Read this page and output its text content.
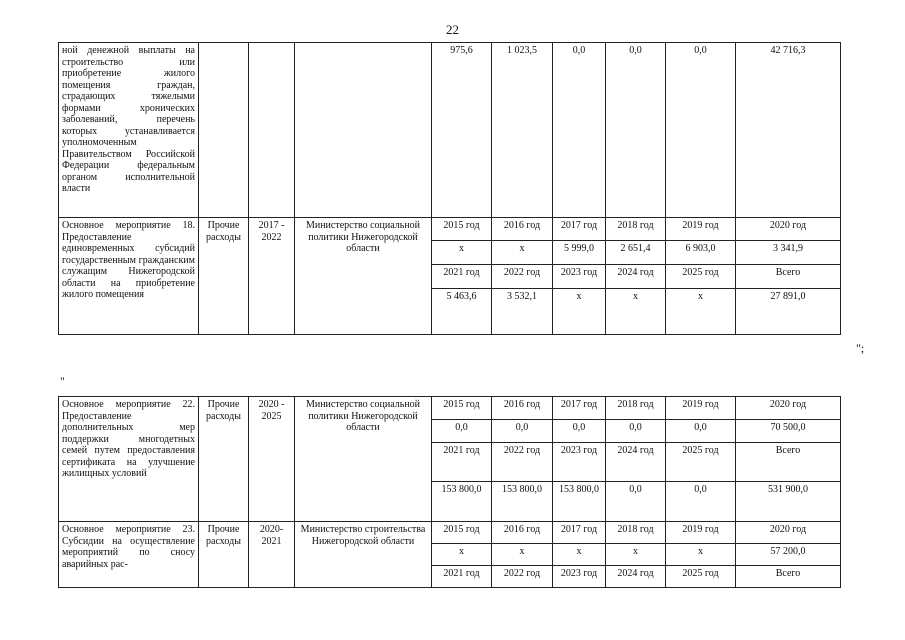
22
ной денежной выплаты на строительство или приобретение жилого помещения граждан, страдающих тяжелыми формами хронических заболеваний, перечень которых устанавливается уполномоченным Правительством Российской Федерации федеральным органом исполнительной власти				975,6	1 023,5	0,0	0,0	0,0	42 716,3
Основное мероприятие 18. Предоставление единовременных субсидий государственным гражданским служащим Нижегородской области на приобретение жилого помещения	Прочие расходы	2017 - 2022	Министерство социальной политики Нижегородской области	2015 год	2016 год	2017 год	2018 год	2019 год	2020 год
				х	х	5 999,0	2 651,4	6 903,0	3 341,9
				2021 год	2022 год	2023 год	2024 год	2025 год	Всего
				5 463,6	3 532,1	х	х	х	27 891,0
";
"
Основное мероприятие 22. Предоставление дополнительных мер поддержки многодетных семей путем предоставления сертификата на улучшение жилищных условий	Прочие расходы	2020 - 2025	Министерство социальной политики Нижегородской области	2015 год	2016 год	2017 год	2018 год	2019 год	2020 год
				0,0	0,0	0,0	0,0	0,0	70 500,0
				2021 год	2022 год	2023 год	2024 год	2025 год	Всего
				153 800,0	153 800,0	153 800,0	0,0	0,0	531 900,0
Основное мероприятие 23. Субсидии на осуществление мероприятий по сносу аварийных рас-	Прочие расходы	2020- 2021	Министерство строительства Нижегородской области	2015 год	2016 год	2017 год	2018 год	2019 год	2020 год
				х	х	х	х	х	57 200,0
				2021 год	2022 год	2023 год	2024 год	2025 год	Всего
